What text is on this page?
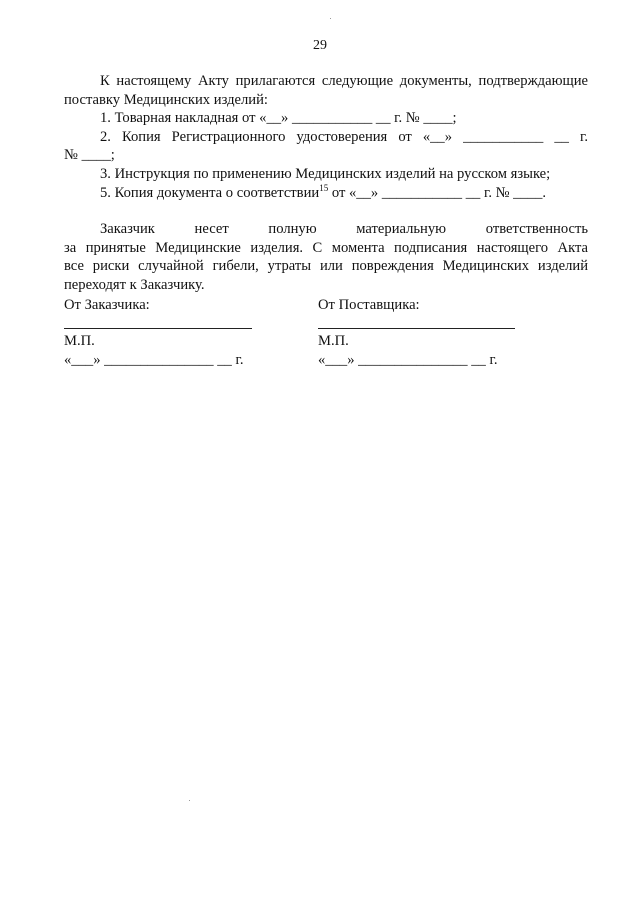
29

К настоящему Акту прилагаются следующие документы, подтверждающие

поставку Медицинских изделий:

1. Товарная накладная от «__» ___________ __ г. № ____;

2. Копия Регистрационного удостоверения от «__» ___________ __ г.

№ ____;

3. Инструкция по применению Медицинских изделий на русском языке;

5. Копия документа о соответствии$^{15}$ от «__» ___________ __ г. № ____.

Заказчик несет полную материальную ответственность

за принятые Медицинские изделия. С момента подписания настоящего Акта

все риски случайной гибели, утраты или повреждения Медицинских изделий

переходят к Заказчику.

От Заказчика:
М.П.
«___» _______________ __ г.
От Поставщика:
М.П.
«___» _______________ __ г.
